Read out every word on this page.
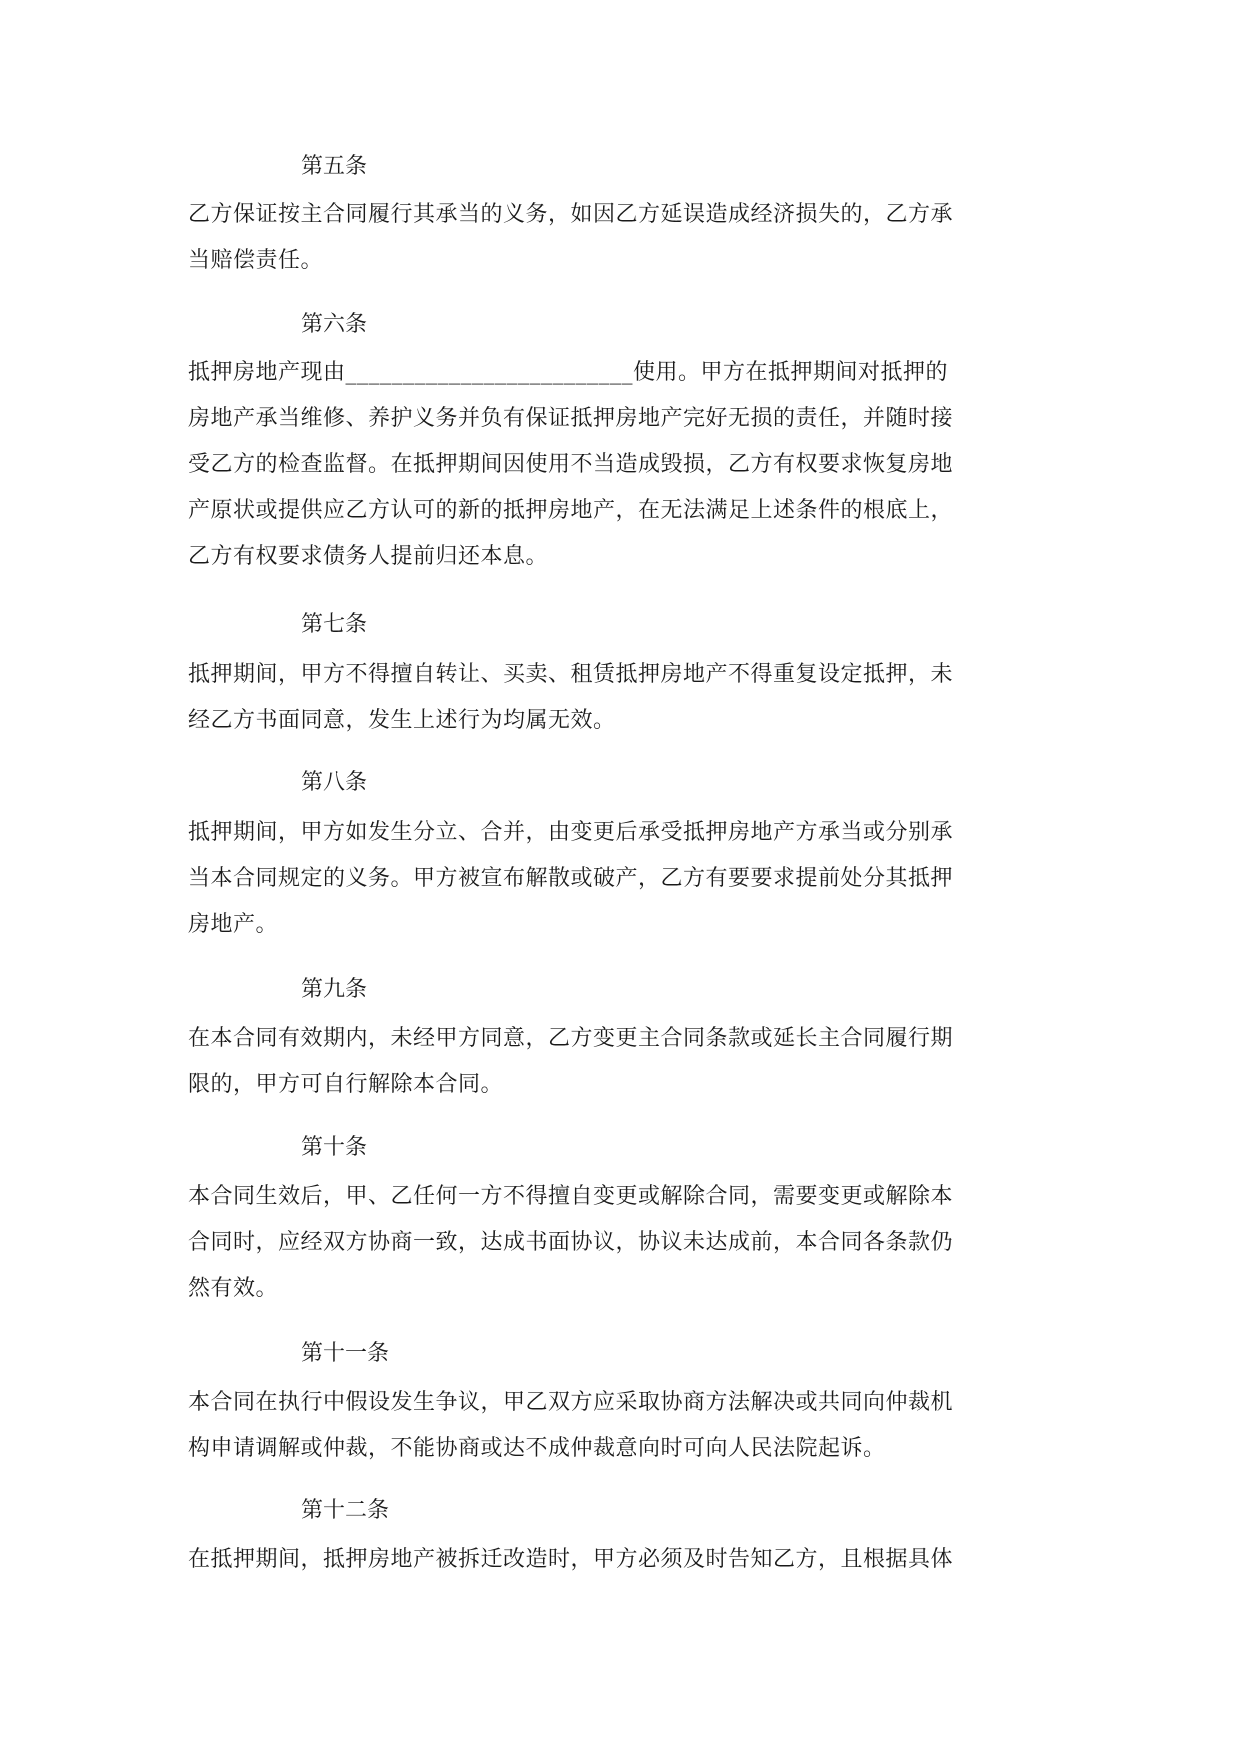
第五条
乙方保证按主合同履行其承当的义务，如因乙方延误造成经济损失的，乙方承
当赔偿责任。
第六条
抵押房地产现由_________________________使用。甲方在抵押期间对抵押的
房地产承当维修、养护义务并负有保证抵押房地产完好无损的责任，并随时接
受乙方的检查监督。在抵押期间因使用不当造成毁损，乙方有权要求恢复房地
产原状或提供应乙方认可的新的抵押房地产，在无法满足上述条件的根底上，
乙方有权要求债务人提前归还本息。
第七条
抵押期间，甲方不得擅自转让、买卖、租赁抵押房地产不得重复设定抵押，未
经乙方书面同意，发生上述行为均属无效。
第八条
抵押期间，甲方如发生分立、合并，由变更后承受抵押房地产方承当或分别承
当本合同规定的义务。甲方被宣布解散或破产，乙方有要要求提前处分其抵押
房地产。
第九条
在本合同有效期内，未经甲方同意，乙方变更主合同条款或延长主合同履行期
限的，甲方可自行解除本合同。
第十条
本合同生效后，甲、乙任何一方不得擅自变更或解除合同，需要变更或解除本
合同时，应经双方协商一致，达成书面协议，协议未达成前，本合同各条款仍
然有效。
第十一条
本合同在执行中假设发生争议，甲乙双方应采取协商方法解决或共同向仲裁机
构申请调解或仲裁，不能协商或达不成仲裁意向时可向人民法院起诉。
第十二条
在抵押期间，抵押房地产被拆迁改造时，甲方必须及时告知乙方，且根据具体
